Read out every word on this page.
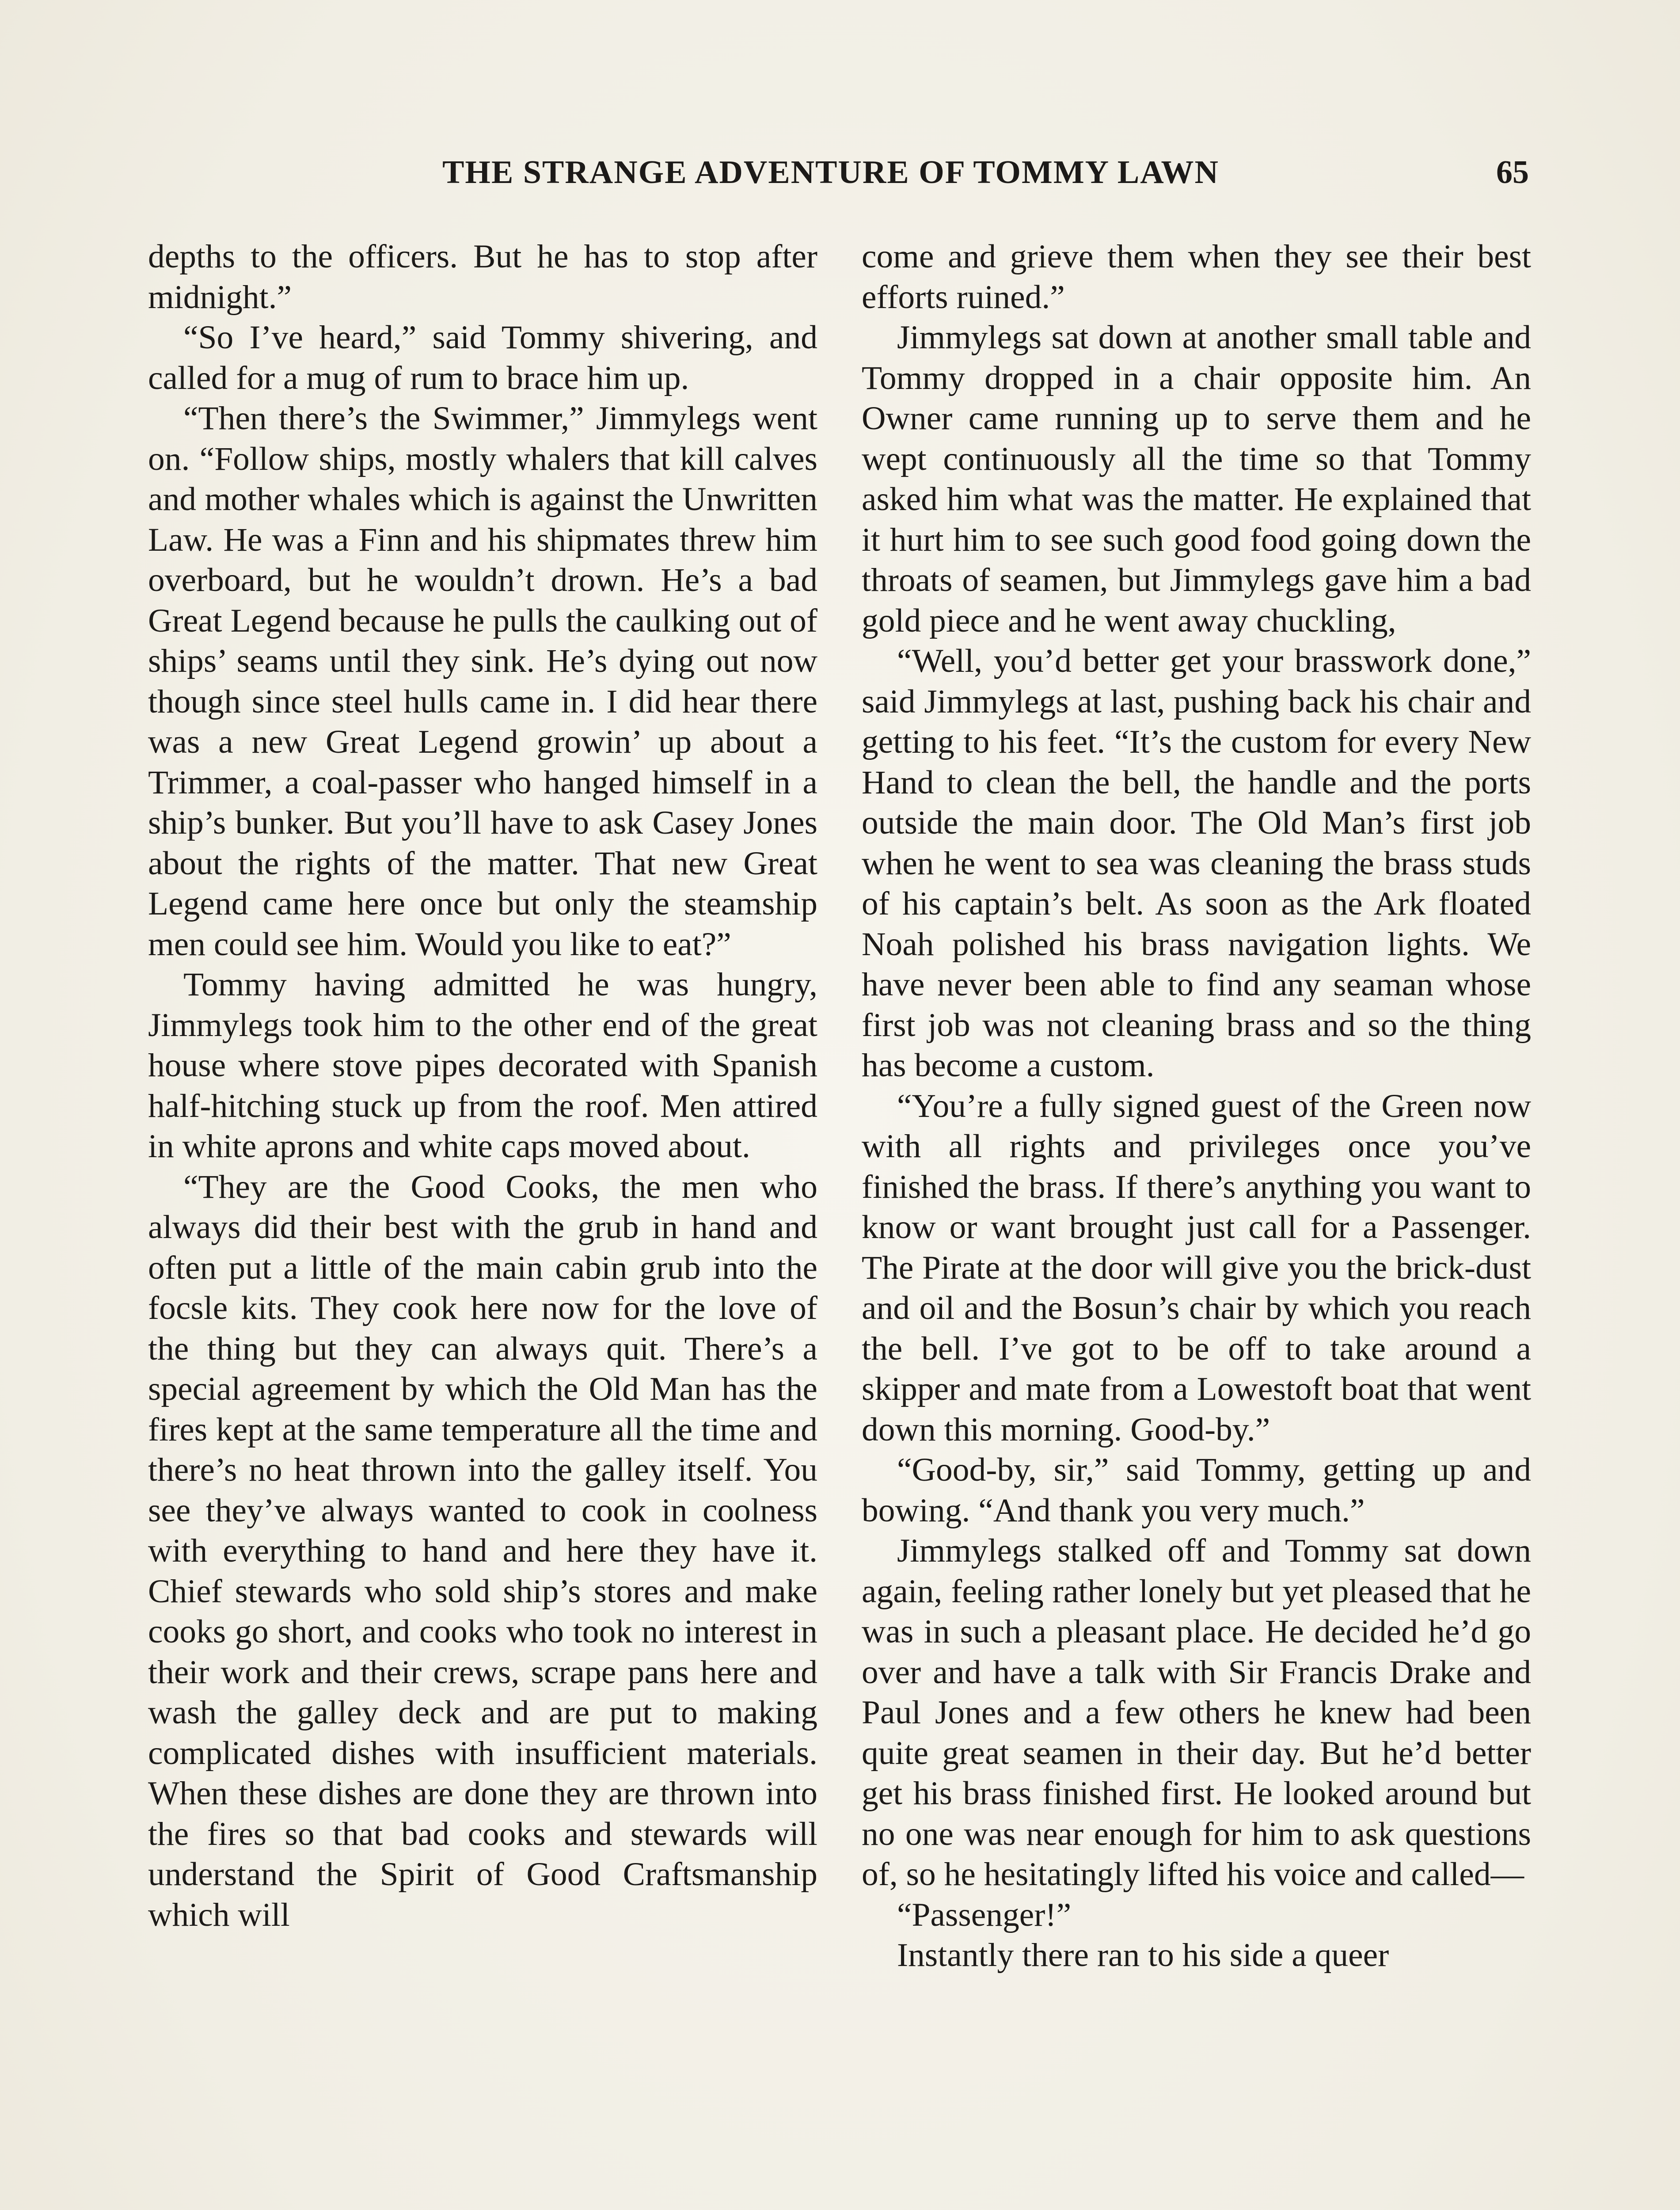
THE STRANGE ADVENTURE OF TOMMY LAWN	65

depths to the officers. But he has to stop after midnight.”

“So I’ve heard,” said Tommy shivering, and called for a mug of rum to brace him up.

“Then there’s the Swimmer,” Jimmylegs went on. “Follow ships, mostly whalers that kill calves and mother whales which is against the Unwritten Law. He was a Finn and his shipmates threw him overboard, but he wouldn’t drown. He’s a bad Great Legend because he pulls the caulking out of ships’ seams until they sink. He’s dying out now though since steel hulls came in. I did hear there was a new Great Legend growin’ up about a Trimmer, a coal-passer who hanged himself in a ship’s bunker. But you’ll have to ask Casey Jones about the rights of the matter. That new Great Legend came here once but only the steamship men could see him. Would you like to eat?”

Tommy having admitted he was hungry, Jimmylegs took him to the other end of the great house where stove pipes decorated with Spanish half-hitching stuck up from the roof. Men attired in white aprons and white caps moved about.

“They are the Good Cooks, the men who always did their best with the grub in hand and often put a little of the main cabin grub into the focsle kits. They cook here now for the love of the thing but they can always quit. There’s a special agreement by which the Old Man has the fires kept at the same temperature all the time and there’s no heat thrown into the galley itself. You see they’ve always wanted to cook in coolness with everything to hand and here they have it. Chief stewards who sold ship’s stores and make cooks go short, and cooks who took no interest in their work and their crews, scrape pans here and wash the galley deck and are put to making complicated dishes with insufficient materials. When these dishes are done they are thrown into the fires so that bad cooks and stewards will understand the Spirit of Good Craftsmanship which will

come and grieve them when they see their best efforts ruined.”

Jimmylegs sat down at another small table and Tommy dropped in a chair opposite him. An Owner came running up to serve them and he wept continuously all the time so that Tommy asked him what was the matter. He explained that it hurt him to see such good food going down the throats of seamen, but Jimmylegs gave him a bad gold piece and he went away chuckling,

“Well, you’d better get your brasswork done,” said Jimmylegs at last, pushing back his chair and getting to his feet. “It’s the custom for every New Hand to clean the bell, the handle and the ports outside the main door. The Old Man’s first job when he went to sea was cleaning the brass studs of his captain’s belt. As soon as the Ark floated Noah polished his brass navigation lights. We have never been able to find any seaman whose first job was not cleaning brass and so the thing has become a custom.

“You’re a fully signed guest of the Green now with all rights and privileges once you’ve finished the brass. If there’s anything you want to know or want brought just call for a Passenger. The Pirate at the door will give you the brick-dust and oil and the Bosun’s chair by which you reach the bell. I’ve got to be off to take around a skipper and mate from a Lowestoft boat that went down this morning. Good-by.”

“Good-by, sir,” said Tommy, getting up and bowing. “And thank you very much.”

Jimmylegs stalked off and Tommy sat down again, feeling rather lonely but yet pleased that he was in such a pleasant place. He decided he’d go over and have a talk with Sir Francis Drake and Paul Jones and a few others he knew had been quite great seamen in their day. But he’d better get his brass finished first. He looked around but no one was near enough for him to ask questions of, so he hesitatingly lifted his voice and called—

“Passenger!”

Instantly there ran to his side a queer
